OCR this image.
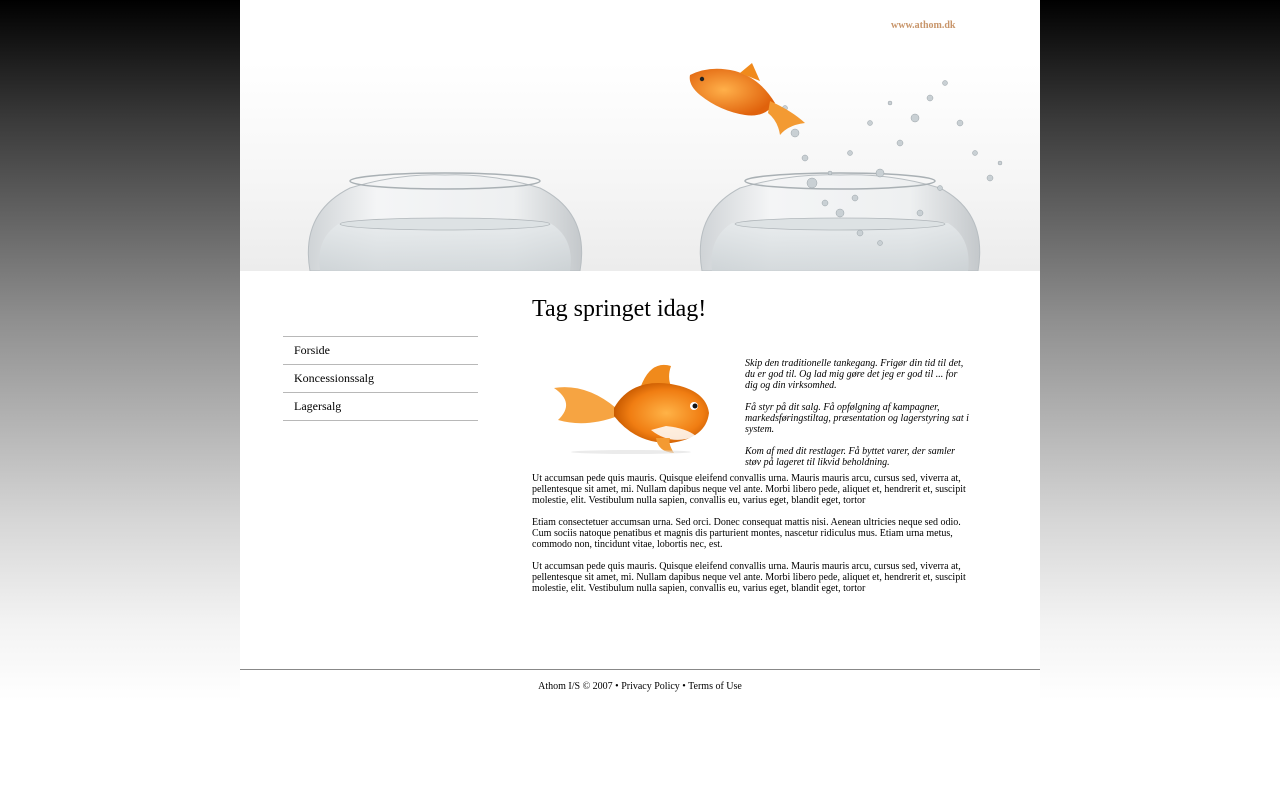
www.athom.dk
Forside
Koncessionssalg
Lagersalg
Tag springet idag!

Skip den traditionelle tankegang. Frigør din tid til det, du er god til. Og lad mig gøre det jeg er god til ... for dig og din virksomhed.

Få styr på dit salg. Få opfølgning af kampagner, markedsføringstiltag, præsentation og lagerstyring sat i system.

Kom af med dit restlager. Få byttet varer, der samler støv på lageret til likvid beholdning.

Ut accumsan pede quis mauris. Quisque eleifend convallis urna. Mauris mauris arcu, cursus sed, viverra at, pellentesque sit amet, mi. Nullam dapibus neque vel ante. Morbi libero pede, aliquet et, hendrerit et, suscipit molestie, elit. Vestibulum nulla sapien, convallis eu, varius eget, blandit eget, tortor

Etiam consectetuer accumsan urna. Sed orci. Donec consequat mattis nisi. Aenean ultricies neque sed odio. Cum sociis natoque penatibus et magnis dis parturient montes, nascetur ridiculus mus. Etiam urna metus, commodo non, tincidunt vitae, lobortis nec, est.

Ut accumsan pede quis mauris. Quisque eleifend convallis urna. Mauris mauris arcu, cursus sed, viverra at, pellentesque sit amet, mi. Nullam dapibus neque vel ante. Morbi libero pede, aliquet et, hendrerit et, suscipit molestie, elit. Vestibulum nulla sapien, convallis eu, varius eget, blandit eget, tortor

Athom I/S © 2007 • Privacy Policy • Terms of Use
